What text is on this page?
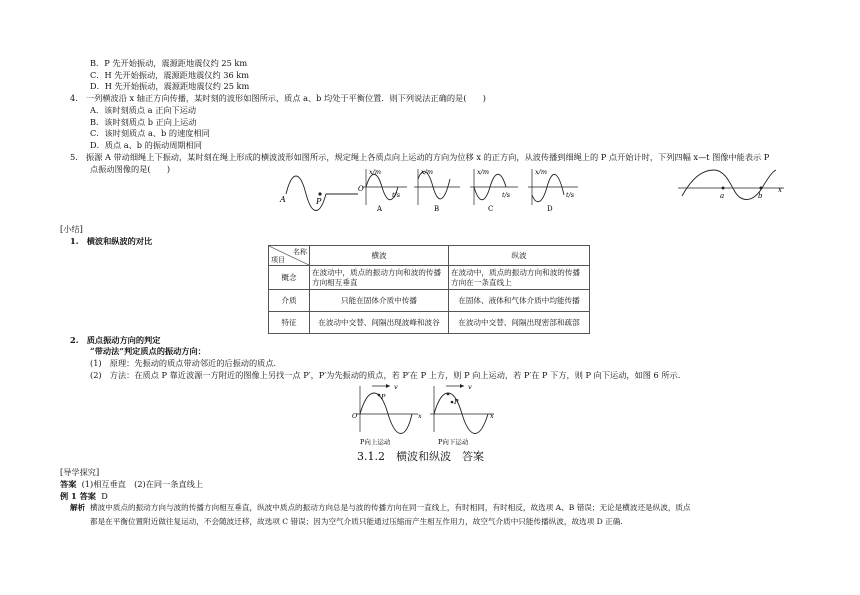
B．P 先开始振动，震源距地震仪约 25 km
C．H 先开始振动，震源距地震仪约 36 km
D．H 先开始振动，震源距地震仪约 25 km
4.　一列横波沿 x 轴正方向传播，某时刻的波形如图所示，质点 a、b 均处于平衡位置．则下列说法正确的是(　　)
A．该时刻质点 a 正向下运动
B．该时刻质点 b 正向上运动
C．该时刻质点 a、b 的速度相同
D．质点 a、b 的振动周期相同
5.　振源 A 带动细绳上下振动，某时刻在绳上形成的横波波形如图所示，规定绳上各质点向上运动的方向为位移 x 的正方向，从波传播到细绳上的 P 点开始计时，下列四幅 x—t 图像中能表示 P
点振动图像的是(　　)
A	P
O
x/m
t/s
A
x/m
B
x/m
t/s
C
x/m
t/s
D
a	b
x
[小结]
1.　横波和纵波的对比
名称
项目	横波	纵波
概念	在波动中，质点的振动方向和波的传播方向相互垂直	在波动中，质点的振动方向和波的传播方向在一条直线上
介质	只能在固体介质中传播	在固体、液体和气体介质中均能传播
特征	在波动中交替、间隔出现波峰和波谷	在波动中交替、间隔出现密部和疏部
2.　质点振动方向的判定
“带动法”判定质点的振动方向：
(1)　原理：先振动的质点带动邻近的后振动的质点．
(2)　方法：在质点 P 靠近波源一方附近的图像上另找一点 P′，P′为先振动的质点，若 P′在 P 上方，则 P 向上运动，若 P′在 P 下方，则 P 向下运动，如图 6 所示.
v
P
O	x
P向上运动
v
P
x
P向下运动
3.1.2　横波和纵波　答案
[导学探究]
答案 (1)相互垂直　(2)在同一条直线上
例 1 答案 D
解析 横波中质点的振动方向与波的传播方向相互垂直，纵波中质点的振动方向总是与波的传播方向在同一直线上，有时相同，有时相反，故选项 A、B 错误；无论是横波还是纵波，质点
都是在平衡位置附近做往复运动，不会随波迁移，故选项 C 错误；因为空气介质只能通过压缩而产生相互作用力，故空气介质中只能传播纵波，故选项 D 正确.
